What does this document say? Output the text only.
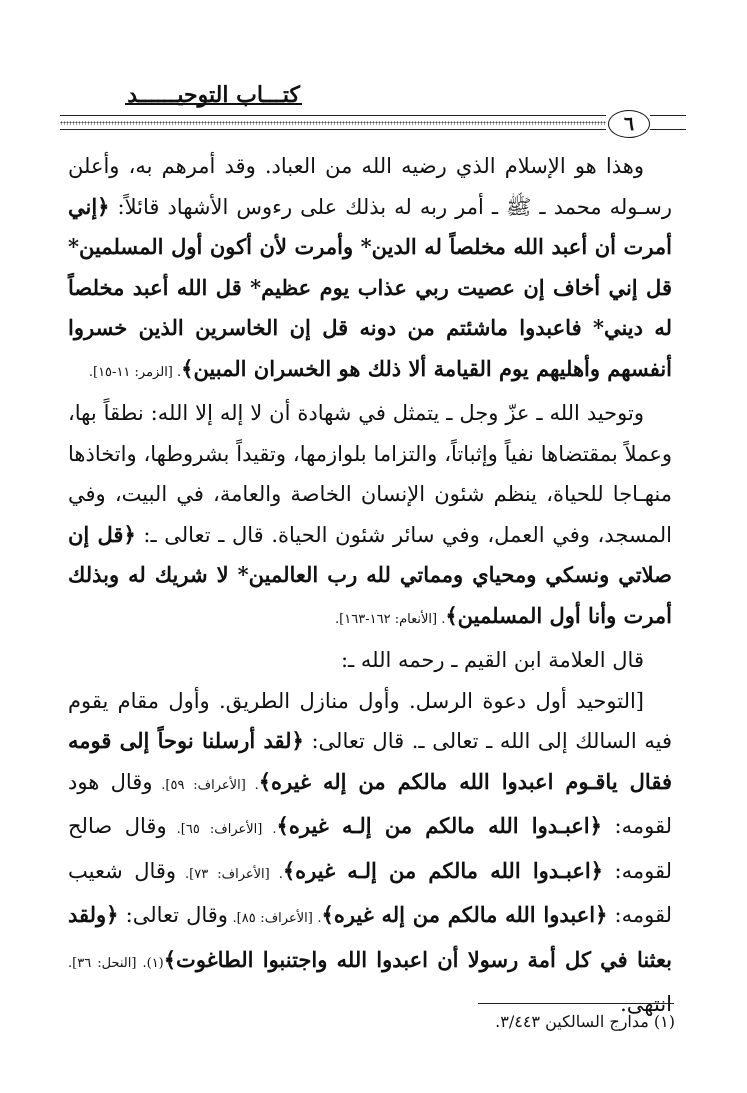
كتـــاب التوحيــــــد
٦

وهذا هو الإسلام الذي رضيه الله من العباد. وقد أمرهم به، وأعلن رسـوله محمد ـ ﷺ ـ أمر ربه له بذلك على رءوس الأشهاد قائلاً: ﴿إني أمرت أن أعبد الله مخلصاً له الدين* وأمرت لأن أكون أول المسلمين* قل إني أخاف إن عصيت ربي عذاب يوم عظيم* قل الله أعبد مخلصاً له ديني* فاعبدوا ماشئتم من دونه قل إن الخاسرين الذين خسروا أنفسهم وأهليهم يوم القيامة ألا ذلك هو الخسران المبين﴾. [الزمر: ١١-١٥].

وتوحيد الله ـ عزّ وجل ـ يتمثل في شهادة أن لا إله إلا الله: نطقاً بها، وعملاً بمقتضاها نفياً وإثباتاً، والتزاما بلوازمها، وتقيداً بشروطها، واتخاذها منهـاجا للحياة، ينظم شئون الإنسان الخاصة والعامة، في البيت، وفي المسجد، وفي العمل، وفي سائر شئون الحياة. قال ـ تعالى ـ: ﴿قل إن صلاتي ونسكي ومحياي ومماتي لله رب العالمين* لا شريك له وبذلك أمرت وأنا أول المسلمين﴾. [الأنعام: ١٦٢-١٦٣].

قال العلامة ابن القيم ـ رحمه الله ـ:

[التوحيد أول دعوة الرسل. وأول منازل الطريق. وأول مقام يقوم فيه السالك إلى الله ـ تعالى ـ. قال تعالى: ﴿لقد أرسلنا نوحاً إلى قومه فقال ياقـوم اعبدوا الله مالكم من إله غيره﴾. [الأعراف: ٥٩]. وقال هود لقومه: ﴿اعبـدوا الله مالكم من إلـه غيره﴾. [الأعراف: ٦٥]. وقال صالح لقومه: ﴿اعبـدوا الله مالكم من إلـه غيره﴾. [الأعراف: ٧٣]. وقال شعيب لقومه: ﴿اعبدوا الله مالكم من إله غيره﴾. [الأعراف: ٨٥]. وقال تعالى: ﴿ولقد بعثنا في كل أمة رسولا أن اعبدوا الله واجتنبوا الطاغوت﴾(١). [النحل: ٣٦]. انتهى.

(١) مدارج السالكين ٣/٤٤٣.
